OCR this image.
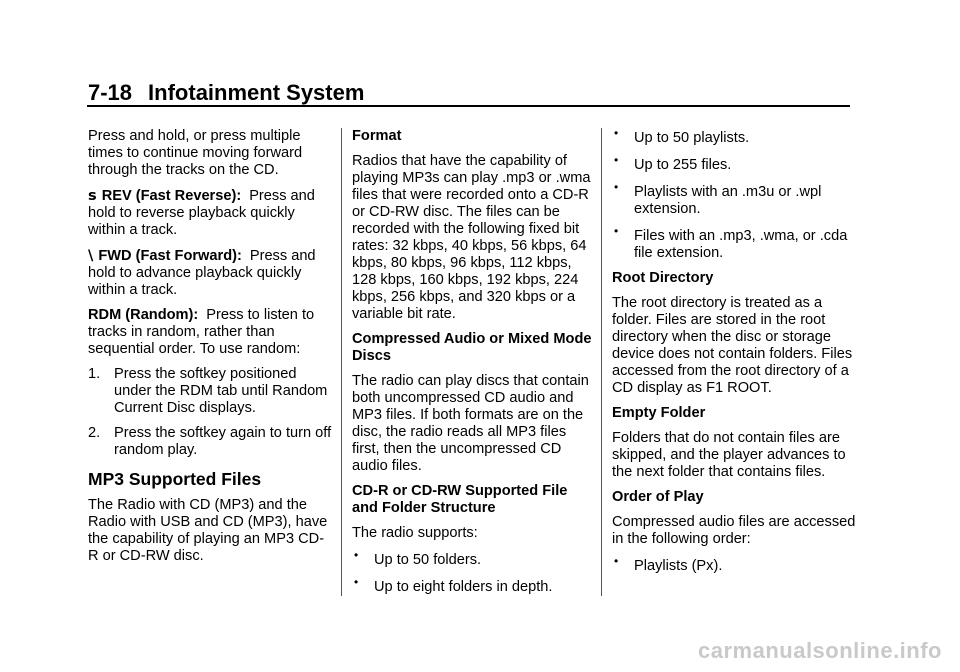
7-18 Infotainment System

Press and hold, or press multiple times to continue moving forward through the tracks on the CD.

s REV (Fast Reverse): Press and hold to reverse playback quickly within a track.

\ FWD (Fast Forward): Press and hold to advance playback quickly within a track.

RDM (Random): Press to listen to tracks in random, rather than sequential order. To use random:

1. Press the softkey positioned under the RDM tab until Random Current Disc displays.
2. Press the softkey again to turn off random play.
MP3 Supported Files

The Radio with CD (MP3) and the Radio with USB and CD (MP3), have the capability of playing an MP3 CD-R or CD-RW disc.

Format

Radios that have the capability of playing MP3s can play .mp3 or .wma files that were recorded onto a CD-R or CD-RW disc. The files can be recorded with the following fixed bit rates: 32 kbps, 40 kbps, 56 kbps, 64 kbps, 80 kbps, 96 kbps, 112 kbps, 128 kbps, 160 kbps, 192 kbps, 224 kbps, 256 kbps, and 320 kbps or a variable bit rate.

Compressed Audio or Mixed Mode Discs

The radio can play discs that contain both uncompressed CD audio and MP3 files. If both formats are on the disc, the radio reads all MP3 files first, then the uncompressed CD audio files.

CD-R or CD-RW Supported File and Folder Structure

The radio supports:

• Up to 50 folders.
• Up to eight folders in depth.
• Up to 50 playlists.
• Up to 255 files.
• Playlists with an .m3u or .wpl extension.
• Files with an .mp3, .wma, or .cda file extension.

Root Directory

The root directory is treated as a folder. Files are stored in the root directory when the disc or storage device does not contain folders. Files accessed from the root directory of a CD display as F1 ROOT.

Empty Folder

Folders that do not contain files are skipped, and the player advances to the next folder that contains files.

Order of Play

Compressed audio files are accessed in the following order:

• Playlists (Px).
carmanualsonline.info
